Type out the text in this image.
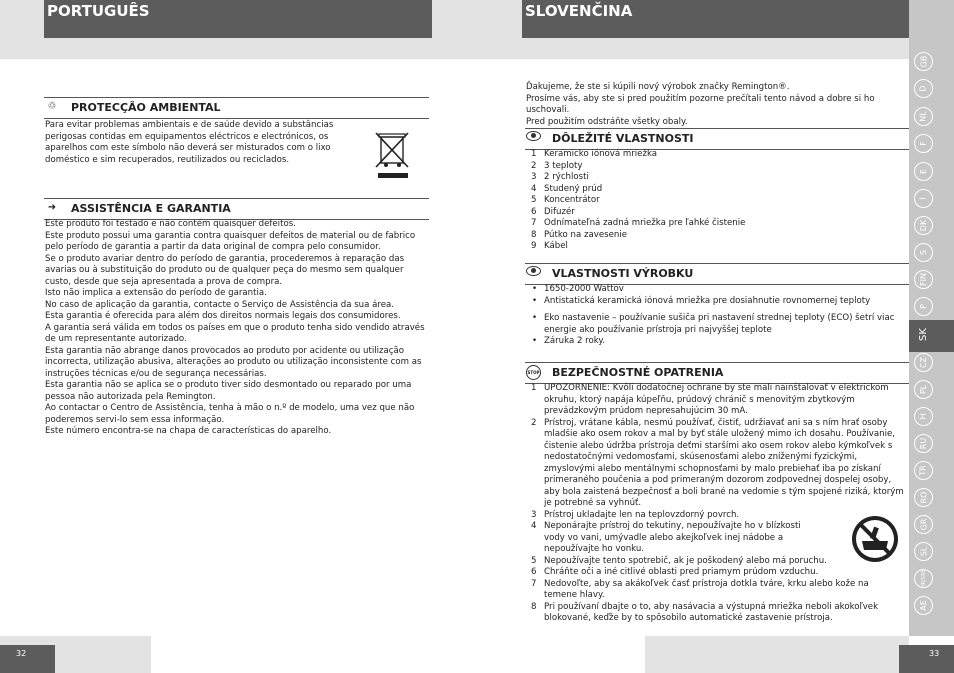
PORTUGUÊS	SLOVENČINA
32	33
♲ PROTECÇÃO AMBIENTAL

Para evitar problemas ambientais e de saúde devido a substâncias perigosas contidas em equipamentos eléctricos e electrónicos, os aparelhos com este símbolo não deverá ser misturados com o lixo doméstico e sim recuperados, reutilizados ou reciclados.

➜ ASSISTÊNCIA E GARANTIA

Este produto foi testado e não contém quaisquer defeitos.

Este produto possui uma garantia contra quaisquer defeitos de material ou de fabrico pelo período de garantia a partir da data original de compra pelo consumidor.

Se o produto avariar dentro do período de garantia, procederemos à reparação das avarias ou à substituição do produto ou de qualquer peça do mesmo sem qualquer custo, desde que seja apresentada a prova de compra.

Isto não implica a extensão do período de garantia.

No caso de aplicação da garantia, contacte o Serviço de Assistência da sua área.

Esta garantia é oferecida para além dos direitos normais legais dos consumidores.

A garantia será válida em todos os países em que o produto tenha sido vendido através de um representante autorizado.

Esta garantia não abrange danos provocados ao produto por acidente ou utilização incorrecta, utilização abusiva, alterações ao produto ou utilização inconsistente com as instruções técnicas e/ou de segurança necessárias.

Esta garantia não se aplica se o produto tiver sido desmontado ou reparado por uma pessoa não autorizada pela Remington.

Ao contactar o Centro de Assistência, tenha à mão o n.º de modelo, uma vez que não poderemos servi-lo sem essa informação.

Este número encontra-se na chapa de características do aparelho.

Ďakujeme, že ste si kúpili nový výrobok značky Remington®.

Prosíme vás, aby ste si pred použitím pozorne prečítali tento návod a dobre si ho uschovali.

Pred použitím odstráňte všetky obaly.

DÔLEŽITÉ VLASTNOSTI
1 Keramicko iónová mriežka
2 3 teploty
3 2 rýchlosti
4 Studený prúd
5 Koncentrátor
6 Difuzér
7 Odnímateľná zadná mriežka pre ľahké čistenie
8 Pútko na zavesenie
9 Kábel
VLASTNOSTI VÝROBKU
• 1650-2000 Wattov
• Antistatická keramická iónová mriežka pre dosiahnutie rovnomernej teploty
• Eko nastavenie – používanie sušiča pri nastavení strednej teploty (ECO) šetrí viac energie ako používanie prístroja pri najvyššej teplote
• Záruka 2 roky.
STOP BEZPEČNOSTNÉ OPATRENIA
1 UPOZORNENIE: Kvôli dodatočnej ochrane by ste mali nainštalovať v elektrickom okruhu, ktorý napája kúpeľňu, prúdový chránič s menovitým zbytkovým prevádzkovým prúdom nepresahujúcim 30 mA.
2 Prístroj, vrátane kábla, nesmú používať, čistiť, udržiavať ani sa s ním hrať osoby mladšie ako osem rokov a mal by byť stále uložený mimo ich dosahu. Používanie, čistenie alebo údržba prístroja deťmi staršími ako osem rokov alebo kýmkoľvek s nedostatočnými vedomosťami, skúsenosťami alebo zníženými fyzickými, zmyslovými alebo mentálnymi schopnosťami by malo prebiehať iba po získaní primeraného poučenia a pod primeraným dozorom zodpovednej dospelej osoby, aby bola zaistená bezpečnosť a boli brané na vedomie s tým spojené riziká, ktorým je potrebné sa vyhnúť.
3 Prístroj ukladajte len na teplovzdorný povrch.
4 Neponárajte prístroj do tekutiny, nepoužívajte ho v blízkosti vody vo vani, umývadle alebo akejkoľvek inej nádobe a nepoužívajte ho vonku.
5 Nepoužívajte tento spotrebič, ak je poškodený alebo má poruchu.
6 Chráňte oči a iné citlivé oblasti pred priamym prúdom vzduchu.
7 Nedovoľte, aby sa akákoľvek časť prístroja dotkla tváre, krku alebo kože na temene hlavy.
8 Pri používaní dbajte o to, aby nasávacia a výstupná mriežka neboli akokoľvek blokované, keďže by to spôsobilo automatické zastavenie prístroja.
GB
D
NL
F
E
I
DK
S
FIN
P
SK
CZ
PL
H
RU
TR
RO
GR
SL
HR/SRB
AE
